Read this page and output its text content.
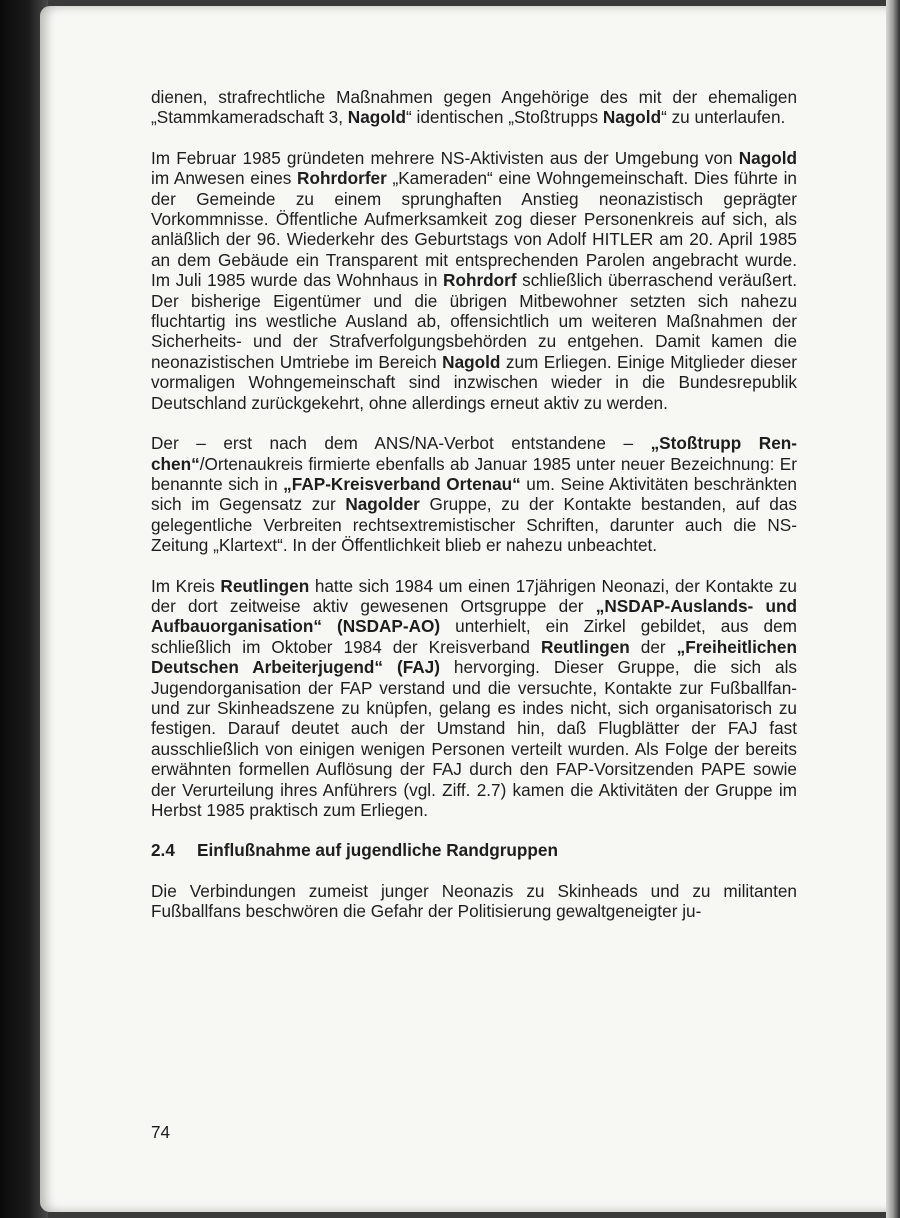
dienen, strafrechtliche Maßnahmen gegen Angehörige des mit der ehemaligen „Stammkameradschaft 3, Nagold“ identischen „Stoßtrupps Nagold“ zu unterlaufen.

Im Februar 1985 gründeten mehrere NS-Aktivisten aus der Umgebung von Nagold im Anwesen eines Rohrdorfer „Kameraden“ eine Wohngemeinschaft. Dies führte in der Gemeinde zu einem sprunghaften Anstieg neonazistisch geprägter Vorkommnisse. Öffentliche Aufmerksamkeit zog dieser Personenkreis auf sich, als anläßlich der 96. Wiederkehr des Geburtstags von Adolf HITLER am 20. April 1985 an dem Gebäude ein Transparent mit entsprechenden Parolen angebracht wurde. Im Juli 1985 wurde das Wohnhaus in Rohrdorf schließlich überraschend veräußert. Der bisherige Eigentümer und die übrigen Mitbewohner setzten sich nahezu fluchtartig ins westliche Ausland ab, offensichtlich um weiteren Maßnahmen der Sicherheits- und der Strafverfolgungsbehörden zu entgehen. Damit kamen die neonazistischen Umtriebe im Bereich Nagold zum Erliegen. Einige Mitglieder dieser vormaligen Wohngemeinschaft sind inzwischen wieder in die Bundesrepublik Deutschland zurückgekehrt, ohne allerdings erneut aktiv zu werden.

Der – erst nach dem ANS/NA-Verbot entstandene – „Stoßtrupp Renchen“/Ortenaukreis firmierte ebenfalls ab Januar 1985 unter neuer Bezeichnung: Er benannte sich in „FAP-Kreisverband Ortenau“ um. Seine Aktivitäten beschränkten sich im Gegensatz zur Nagolder Gruppe, zu der Kontakte bestanden, auf das gelegentliche Verbreiten rechtsextremistischer Schriften, darunter auch die NS-Zeitung „Klartext“. In der Öffentlichkeit blieb er nahezu unbeachtet.

Im Kreis Reutlingen hatte sich 1984 um einen 17jährigen Neonazi, der Kontakte zu der dort zeitweise aktiv gewesenen Ortsgruppe der „NSDAP-Auslands- und Aufbauorganisation“ (NSDAP-AO) unterhielt, ein Zirkel gebildet, aus dem schließlich im Oktober 1984 der Kreisverband Reutlingen der „Freiheitlichen Deutschen Arbeiterjugend“ (FAJ) hervorging. Dieser Gruppe, die sich als Jugendorganisation der FAP verstand und die versuchte, Kontakte zur Fußballfan- und zur Skinheadszene zu knüpfen, gelang es indes nicht, sich organisatorisch zu festigen. Darauf deutet auch der Umstand hin, daß Flugblätter der FAJ fast ausschließlich von einigen wenigen Personen verteilt wurden. Als Folge der bereits erwähnten formellen Auflösung der FAJ durch den FAP-Vorsitzenden PAPE sowie der Verurteilung ihres Anführers (vgl. Ziff. 2.7) kamen die Aktivitäten der Gruppe im Herbst 1985 praktisch zum Erliegen.

2.4 Einflußnahme auf jugendliche Randgruppen

Die Verbindungen zumeist junger Neonazis zu Skinheads und zu militanten Fußballfans beschwören die Gefahr der Politisierung gewaltgeneigter ju-

74
